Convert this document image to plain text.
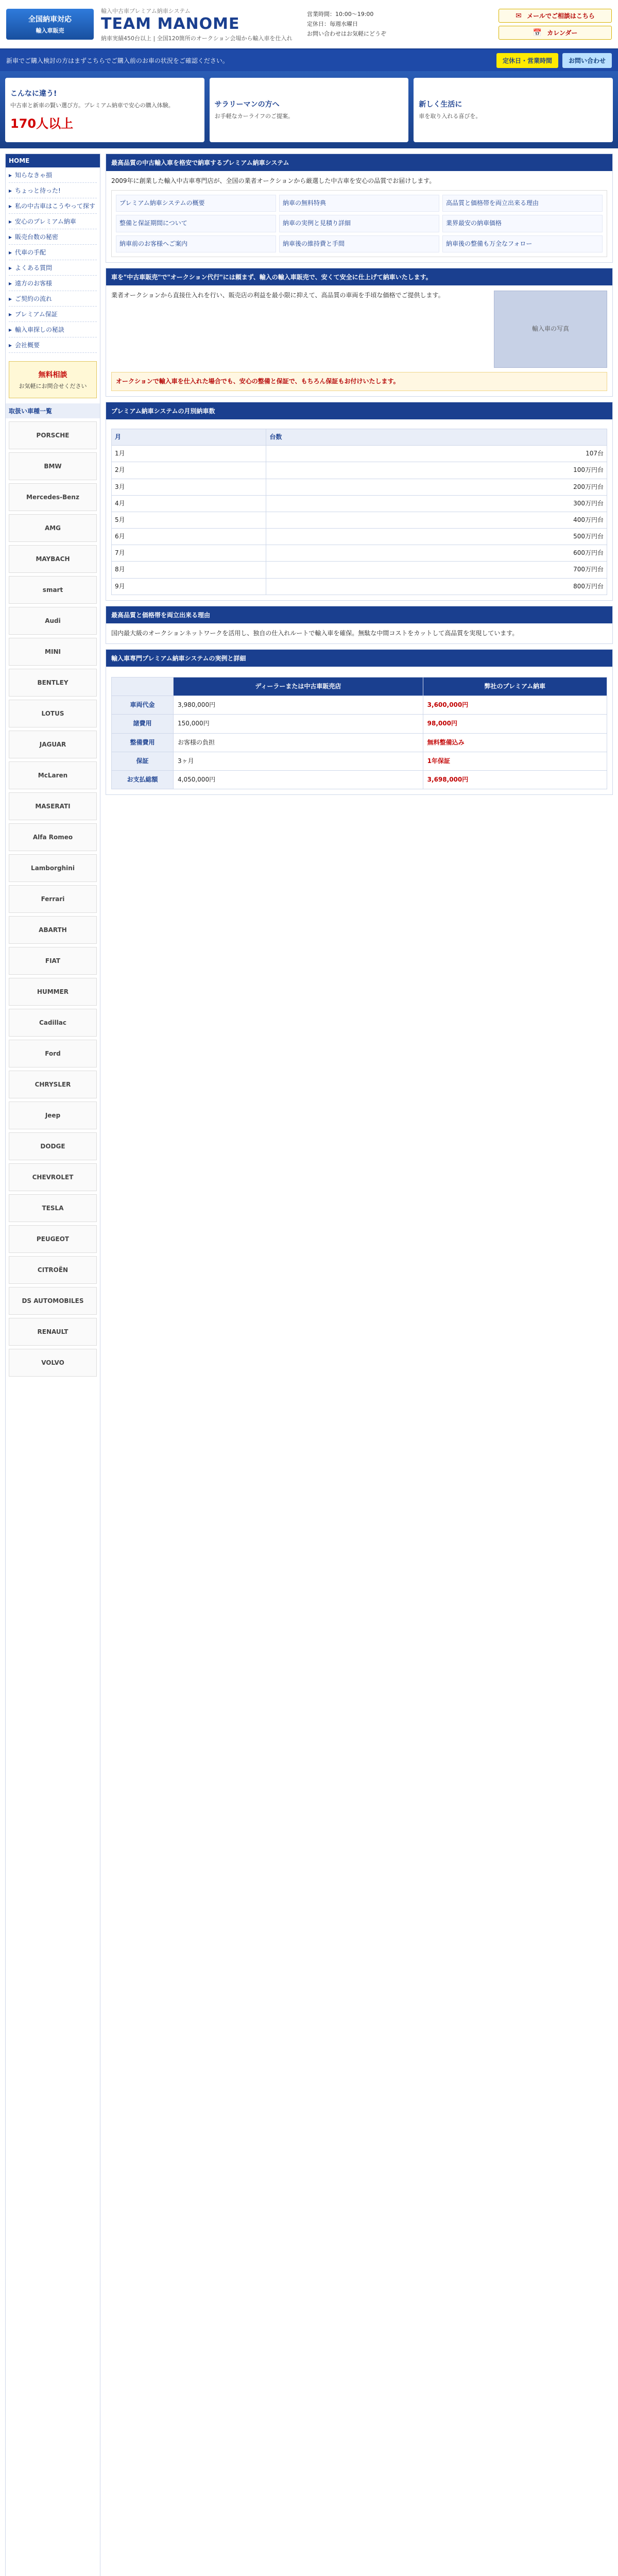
全国納車対応
輸入車販売
輸入中古車プレミアム納車システム
TEAM MANOME
納車実績450台以上 | 全国120箇所のオークション会場から輸入車を仕入れ
営業時間：10:00〜19:00
定休日：毎週水曜日
お問い合わせはお気軽にどうぞ
✉ メールでご相談はこちら
📅 カレンダー
新車でご購入検討の方はまずこちらでご購入前のお車の状況をご確認ください。	定休日・営業時間	お問い合わせ
こんなに違う!
中古車と新車の賢い選び方。プレミアム納車で安心の購入体験。
170人以上
サラリーマンの方へ
お手軽なカーライフのご提案。
新しく生活に
車を取り入れる喜びを。
HOME
▸ 知らなきゃ損
▸ ちょっと待った!
▸ 私の中古車はこうやって探す
▸ 安心のプレミアム納車
▸ 販売台数の秘密
▸ 代車の手配
▸ よくある質問
▸ 遠方のお客様
▸ ご契約の流れ
▸ プレミアム保証
▸ 輸入車探しの秘訣
▸ 会社概要
無料相談
お気軽にお問合せください
取扱い車種一覧
PORSCHE
BMW
Mercedes-Benz
AMG
MAYBACH
smart
Audi
MINI
BENTLEY
LOTUS
JAGUAR
McLaren
MASERATI
Alfa Romeo
Lamborghini
Ferrari
ABARTH
FIAT
HUMMER
Cadillac
Ford
CHRYSLER
Jeep
DODGE
CHEVROLET
TESLA
PEUGEOT
CITROËN
DS AUTOMOBILES
RENAULT
VOLVO
最高品質の中古輸入車を格安で納車するプレミアム納車システム
2009年に創業した輸入中古車専門店が、全国の業者オークションから厳選した中古車を安心の品質でお届けします。
プレミアム納車システムの概要	納車の無料特典	高品質と価格帯を両立出来る理由
整備と保証期間について	納車の実例と見積り詳細	業界最安の納車価格
納車前のお客様へご案内	納車後の維持費と手間	納車後の整備も万全なフォロー
車を"中古車販売"で"オークション代行"には頼まず、輸入の輸入車販売で、安くて安全に仕上げて納車いたします。
業者オークションから直接仕入れを行い、販売店の利益を最小限に抑えて、高品質の車両を手頃な価格でご提供します。
輸入車の写真
オークションで輸入車を仕入れた場合でも、安心の整備と保証で、もちろん保証もお付けいたします。
プレミアム納車システムの月別納車数
月	台数
1月	107台
2月	100万円台
3月	200万円台
4月	300万円台
5月	400万円台
6月	500万円台
7月	600万円台
8月	700万円台
9月	800万円台
最高品質と価格帯を両立出来る理由
国内最大級のオークションネットワークを活用し、独自の仕入れルートで輸入車を確保。無駄な中間コストをカットして高品質を実現しています。
輸入車専門プレミアム納車システムの実例と詳細
	ディーラーまたは中古車販売店	弊社のプレミアム納車
車両代金	3,980,000円	3,600,000円
諸費用	150,000円	98,000円
整備費用	お客様の負担	無料整備込み
保証	3ヶ月	1年保証
お支払総額	4,050,000円	3,698,000円
